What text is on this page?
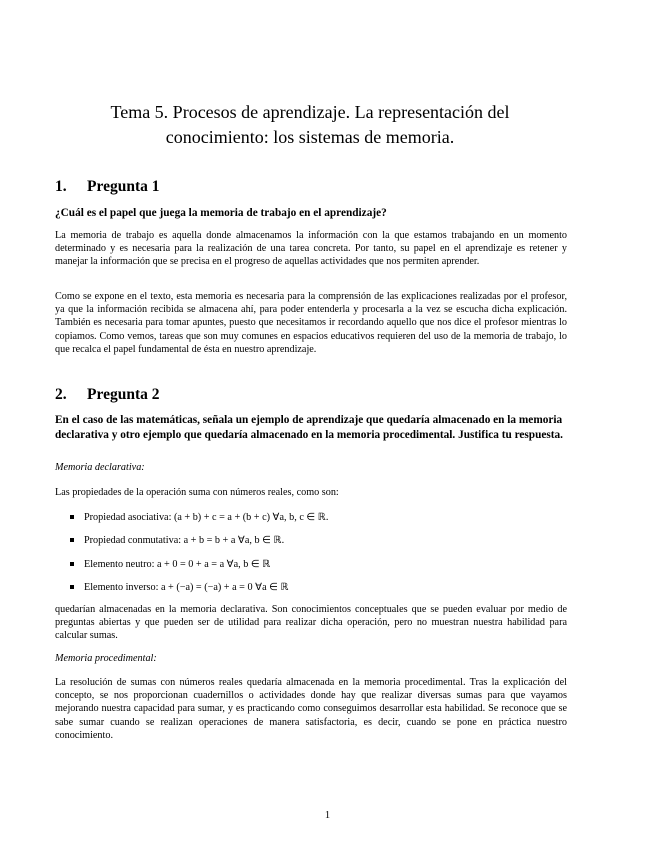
Tema 5. Procesos de aprendizaje. La representación del
conocimiento: los sistemas de memoria.
1. Pregunta 1
¿Cuál es el papel que juega la memoria de trabajo en el aprendizaje?
La memoria de trabajo es aquella donde almacenamos la información con la que estamos trabajando en un momento determinado y es necesaria para la realización de una tarea concreta. Por tanto, su papel en el aprendizaje es retener y manejar la información que se precisa en el progreso de aquellas actividades que nos permiten aprender.
Como se expone en el texto, esta memoria es necesaria para la comprensión de las explicaciones realizadas por el profesor, ya que la información recibida se almacena ahí, para poder entenderla y procesarla a la vez se escucha dicha explicación. También es necesaria para tomar apuntes, puesto que necesitamos ir recordando aquello que nos dice el profesor mientras lo copiamos. Como vemos, tareas que son muy comunes en espacios educativos requieren del uso de la memoria de trabajo, lo que recalca el papel fundamental de ésta en nuestro aprendizaje.
2. Pregunta 2
En el caso de las matemáticas, señala un ejemplo de aprendizaje que quedaría almacenado en la memoria declarativa y otro ejemplo que quedaría almacenado en la memoria procedimental. Justifica tu respuesta.
Memoria declarativa:
Las propiedades de la operación suma con números reales, como son:
Propiedad asociativa: (a + b) + c = a + (b + c) ∀a, b, c ∈ ℝ.
Propiedad conmutativa: a + b = b + a ∀a, b ∈ ℝ.
Elemento neutro: a + 0 = 0 + a = a ∀a, b ∈ ℝ
Elemento inverso: a + (−a) = (−a) + a = 0 ∀a ∈ ℝ
quedarían almacenadas en la memoria declarativa. Son conocimientos conceptuales que se pueden evaluar por medio de preguntas abiertas y que pueden ser de utilidad para realizar dicha operación, pero no muestran nuestra habilidad para calcular sumas.
Memoria procedimental:
La resolución de sumas con números reales quedaría almacenada en la memoria procedimental. Tras la explicación del concepto, se nos proporcionan cuadernillos o actividades donde hay que realizar diversas sumas para que vayamos mejorando nuestra capacidad para sumar, y es practicando como conseguimos desarrollar esta habilidad. Se reconoce que se sabe sumar cuando se realizan operaciones de manera satisfactoria, es decir, cuando se pone en práctica nuestro conocimiento.
1
